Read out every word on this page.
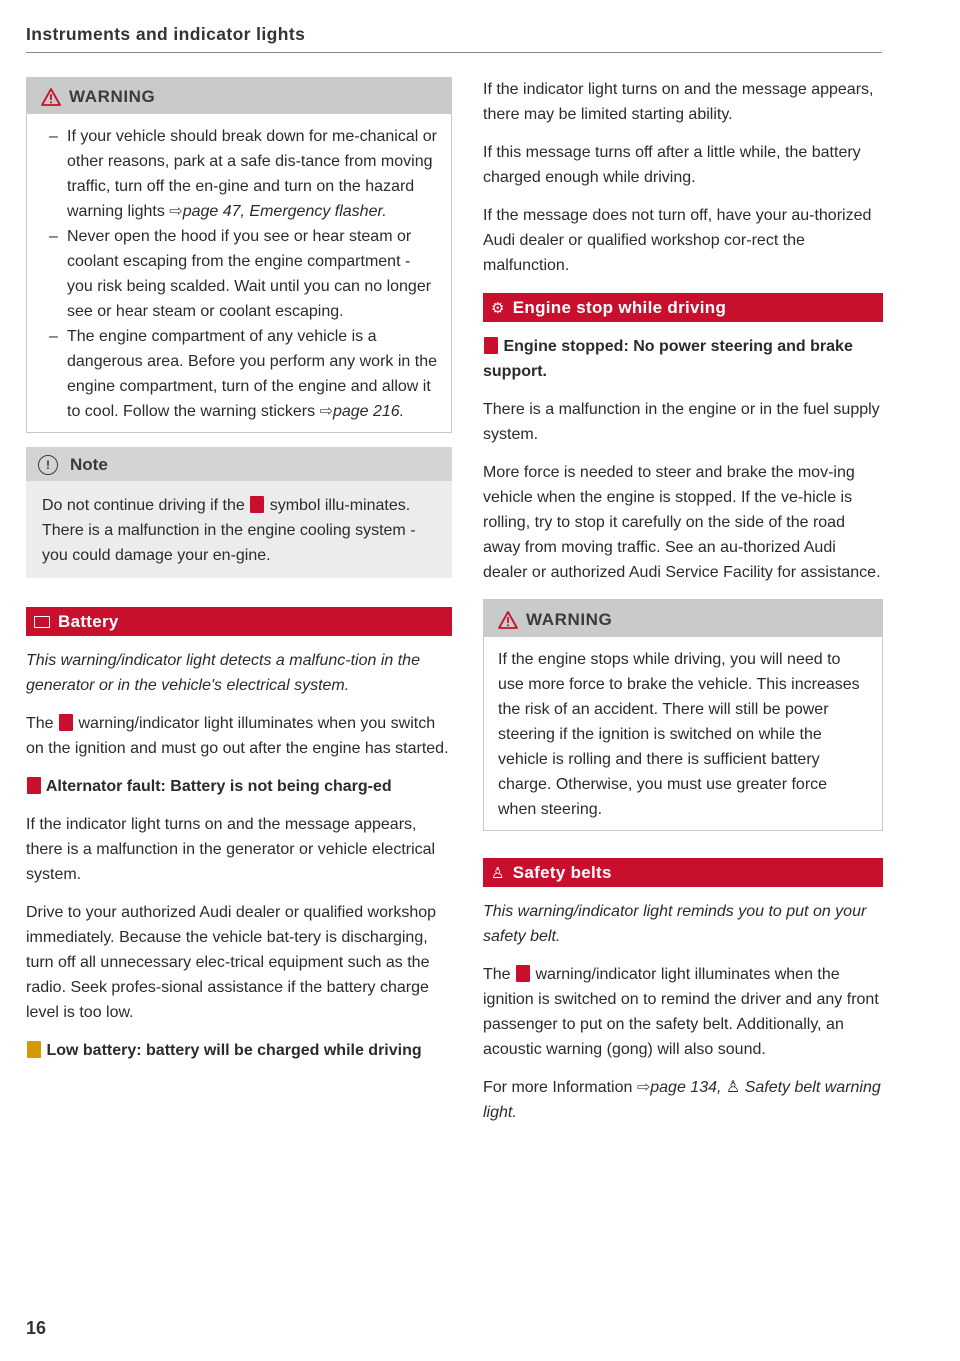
Instruments and indicator lights
WARNING
– If your vehicle should break down for me-chanical or other reasons, park at a safe dis-tance from moving traffic, turn off the en-gine and turn on the hazard warning lights ⇨page 47, Emergency flasher.
– Never open the hood if you see or hear steam or coolant escaping from the engine compartment - you risk being scalded. Wait until you can no longer see or hear steam or coolant escaping.
– The engine compartment of any vehicle is a dangerous area. Before you perform any work in the engine compartment, turn of the engine and allow it to cool. Follow the warning stickers ⇨page 216.
!	Note

Do not continue driving if the symbol illu-minates. There is a malfunction in the engine cooling system - you could damage your en-gine.

Battery

This warning/indicator light detects a malfunc-tion in the generator or in the vehicle's electrical system.

The warning/indicator light illuminates when you switch on the ignition and must go out after the engine has started.

Alternator fault: Battery is not being charg-ed

If the indicator light turns on and the message appears, there is a malfunction in the generator or vehicle electrical system.

Drive to your authorized Audi dealer or qualified workshop immediately. Because the vehicle bat-tery is discharging, turn off all unnecessary elec-trical equipment such as the radio. Seek profes-sional assistance if the battery charge level is too low.

Low battery: battery will be charged while driving

If the indicator light turns on and the message appears, there may be limited starting ability.

If this message turns off after a little while, the battery charged enough while driving.

If the message does not turn off, have your au-thorized Audi dealer or qualified workshop cor-rect the malfunction.

⚙ Engine stop while driving

Engine stopped: No power steering and brake support.

There is a malfunction in the engine or in the fuel supply system.

More force is needed to steer and brake the mov-ing vehicle when the engine is stopped. If the ve-hicle is rolling, try to stop it carefully on the side of the road away from moving traffic. See an au-thorized Audi dealer or authorized Audi Service Facility for assistance.

WARNING

If the engine stops while driving, you will need to use more force to brake the vehicle. This increases the risk of an accident. There will still be power steering if the ignition is switched on while the vehicle is rolling and there is sufficient battery charge. Otherwise, you must use greater force when steering.

♙ Safety belts

This warning/indicator light reminds you to put on your safety belt.

The warning/indicator light illuminates when the ignition is switched on to remind the driver and any front passenger to put on the safety belt. Additionally, an acoustic warning (gong) will also sound.

For more Information ⇨page 134, ♙ Safety belt warning light.

16
